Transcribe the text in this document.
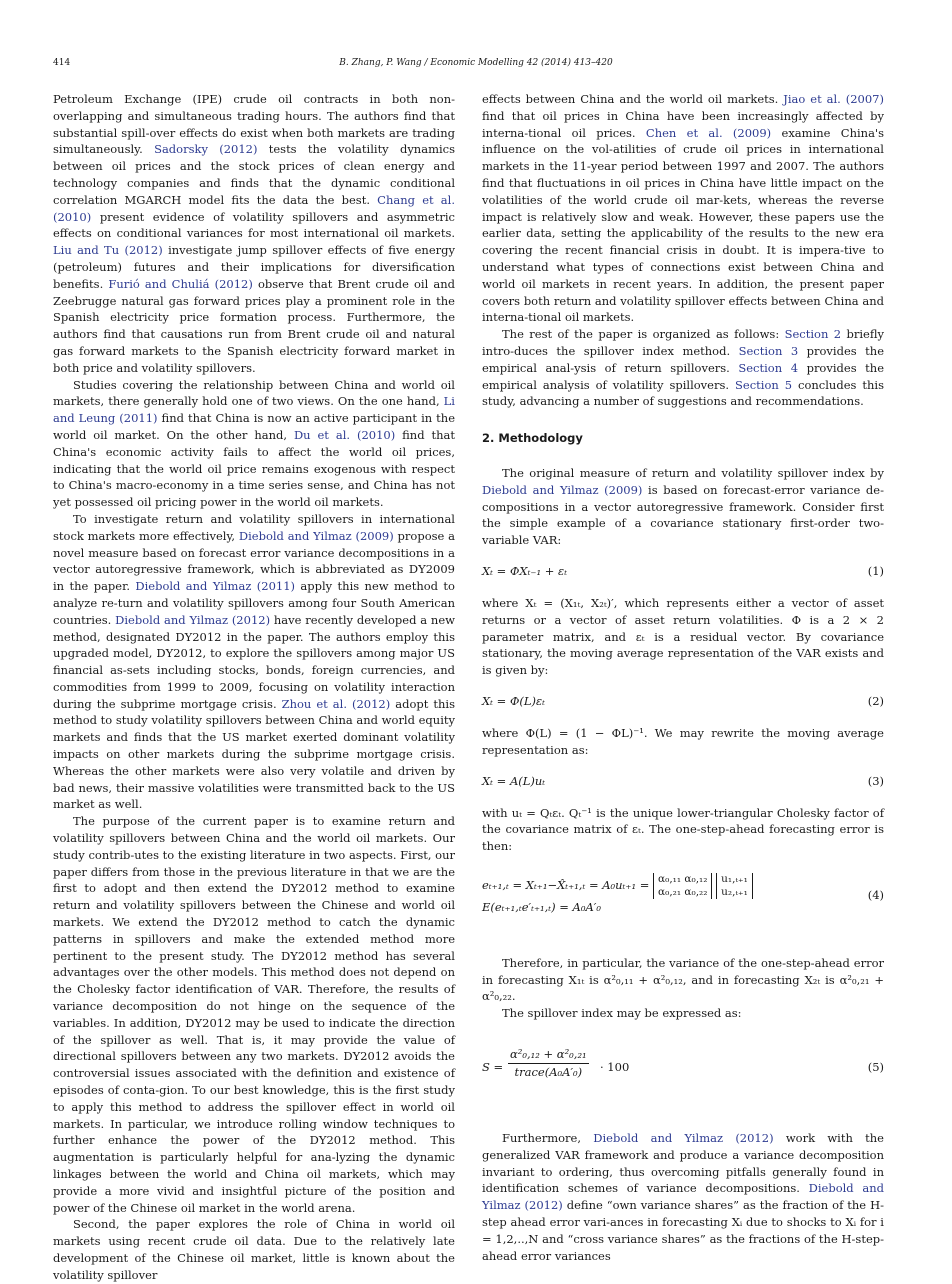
414	B. Zhang, P. Wang / Economic Modelling 42 (2014) 413–420

Petroleum Exchange (IPE) crude oil contracts in both non-overlapping and simultaneous trading hours. The authors find that substantial spill-over effects do exist when both markets are trading simultaneously. Sadorsky (2012) tests the volatility dynamics between oil prices and the stock prices of clean energy and technology companies and finds that the dynamic conditional correlation MGARCH model fits the data the best. Chang et al. (2010) present evidence of volatility spillovers and asymmetric effects on conditional variances for most international oil markets. Liu and Tu (2012) investigate jump spillover effects of five energy (petroleum) futures and their implications for diversification benefits. Furió and Chuliá (2012) observe that Brent crude oil and Zeebrugge natural gas forward prices play a prominent role in the Spanish electricity price formation process. Furthermore, the authors find that causations run from Brent crude oil and natural gas forward markets to the Spanish electricity forward market in both price and volatility spillovers.

Studies covering the relationship between China and world oil markets, there generally hold one of two views. On the one hand, Li and Leung (2011) find that China is now an active participant in the world oil market. On the other hand, Du et al. (2010) find that China's economic activity fails to affect the world oil prices, indicating that the world oil price remains exogenous with respect to China's macro-economy in a time series sense, and China has not yet possessed oil pricing power in the world oil markets.

To investigate return and volatility spillovers in international stock markets more effectively, Diebold and Yilmaz (2009) propose a novel measure based on forecast error variance decompositions in a vector autoregressive framework, which is abbreviated as DY2009 in the paper. Diebold and Yilmaz (2011) apply this new method to analyze re-turn and volatility spillovers among four South American countries. Diebold and Yilmaz (2012) have recently developed a new method, designated DY2012 in the paper. The authors employ this upgraded model, DY2012, to explore the spillovers among major US financial as-sets including stocks, bonds, foreign currencies, and commodities from 1999 to 2009, focusing on volatility interaction during the subprime mortgage crisis. Zhou et al. (2012) adopt this method to study volatility spillovers between China and world equity markets and finds that the US market exerted dominant volatility impacts on other markets during the subprime mortgage crisis. Whereas the other markets were also very volatile and driven by bad news, their massive volatilities were transmitted back to the US market as well.

The purpose of the current paper is to examine return and volatility spillovers between China and the world oil markets. Our study contrib-utes to the existing literature in two aspects. First, our paper differs from those in the previous literature in that we are the first to adopt and then extend the DY2012 method to examine return and volatility spillovers between the Chinese and world oil markets. We extend the DY2012 method to catch the dynamic patterns in spillovers and make the extended method more pertinent to the present study. The DY2012 method has several advantages over the other models. This method does not depend on the Cholesky factor identification of VAR. Therefore, the results of variance decomposition do not hinge on the sequence of the variables. In addition, DY2012 may be used to indicate the direction of the spillover as well. That is, it may provide the value of directional spillovers between any two markets. DY2012 avoids the controversial issues associated with the definition and existence of episodes of conta-gion. To our best knowledge, this is the first study to apply this method to address the spillover effect in world oil markets. In particular, we introduce rolling window techniques to further enhance the power of the DY2012 method. This augmentation is particularly helpful for ana-lyzing the dynamic linkages between the world and China oil markets, which may provide a more vivid and insightful picture of the position and power of the Chinese oil market in the world arena.

Second, the paper explores the role of China in world oil markets using recent crude oil data. Due to the relatively late development of the Chinese oil market, little is known about the volatility spillover

effects between China and the world oil markets. Jiao et al. (2007) find that oil prices in China have been increasingly affected by interna-tional oil prices. Chen et al. (2009) examine China's influence on the vol-atilities of crude oil prices in international markets in the 11-year period between 1997 and 2007. The authors find that fluctuations in oil prices in China have little impact on the volatilities of the world crude oil mar-kets, whereas the reverse impact is relatively slow and weak. However, these papers use the earlier data, setting the applicability of the results to the new era covering the recent financial crisis in doubt. It is impera-tive to understand what types of connections exist between China and world oil markets in recent years. In addition, the present paper covers both return and volatility spillover effects between China and interna-tional oil markets.

The rest of the paper is organized as follows: Section 2 briefly intro-duces the spillover index method. Section 3 provides the empirical anal-ysis of return spillovers. Section 4 provides the empirical analysis of volatility spillovers. Section 5 concludes this study, advancing a number of suggestions and recommendations.

2. Methodology

The original measure of return and volatility spillover index by Diebold and Yilmaz (2009) is based on forecast-error variance de-compositions in a vector autoregressive framework. Consider first the simple example of a covariance stationary first-order two-variable VAR:

Xₜ = ΦXₜ₋₁ + εₜ	(1)

where Xₜ = (X₁ₜ, X₂ₜ)′, which represents either a vector of asset returns or a vector of asset return volatilities. Φ is a 2 × 2 parameter matrix, and εₜ is a residual vector. By covariance stationary, the moving average representation of the VAR exists and is given by:

Xₜ = Φ(L)εₜ	(2)

where Φ(L) = (1 − ΦL)⁻¹. We may rewrite the moving average representation as:

Xₜ = A(L)uₜ	(3)

with uₜ = Qₜεₜ. Qₜ⁻¹ is the unique lower-triangular Cholesky factor of the covariance matrix of εₜ. The one-step-ahead forecasting error is then:

eₜ₊₁,ₜ = Xₜ₊₁−X̂ₜ₊₁,ₜ = A₀uₜ₊₁ = α₀,₁₁ α₀,₁₂
α₀,₂₁ α₀,₂₂ u₁,ₜ₊₁
u₂,ₜ₊₁
E(eₜ₊₁,ₜe′ₜ₊₁,ₜ) = A₀A′₀
(4)

Therefore, in particular, the variance of the one-step-ahead error in forecasting X₁ₜ is α²₀,₁₁ + α²₀,₁₂, and in forecasting X₂ₜ is α²₀,₂₁ + α²₀,₂₂.

The spillover index may be expressed as:

S =
α²₀,₁₂ + α²₀,₂₁
trace(A₀A′₀)	· 100	(5)

Furthermore, Diebold and Yilmaz (2012) work with the generalized VAR framework and produce a variance decomposition invariant to ordering, thus overcoming pitfalls generally found in identification schemes of variance decompositions. Diebold and Yilmaz (2012) define “own variance shares” as the fraction of the H-step ahead error vari-ances in forecasting Xᵢ due to shocks to Xᵢ for i = 1,2,..,N and “cross variance shares” as the fractions of the H-step-ahead error variances
